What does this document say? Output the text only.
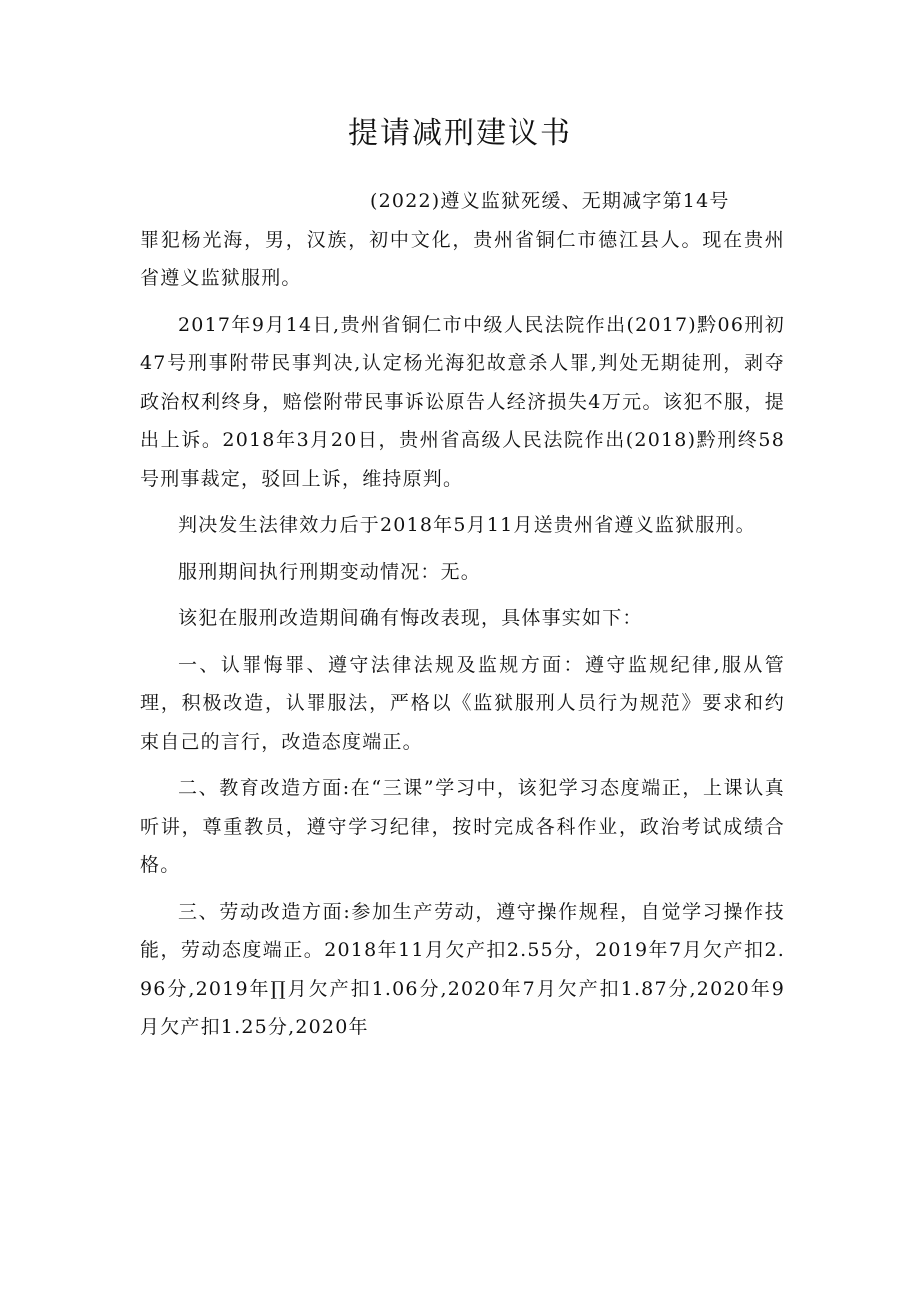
提请减刑建议书

(2022)遵义监狱死缓、无期减字第14号
罪犯杨光海，男，汉族，初中文化，贵州省铜仁市德江县人。现在贵州省遵义监狱服刑。

2017年9月14日,贵州省铜仁市中级人民法院作出(2017)黔06刑初47号刑事附带民事判决,认定杨光海犯故意杀人罪,判处无期徒刑，剥夺政治权利终身，赔偿附带民事诉讼原告人经济损失4万元。该犯不服，提出上诉。2018年3月20日，贵州省高级人民法院作出(2018)黔刑终58号刑事裁定，驳回上诉，维持原判。

判决发生法律效力后于2018年5月11月送贵州省遵义监狱服刑。

服刑期间执行刑期变动情况：无。

该犯在服刑改造期间确有悔改表现，具体事实如下：

一、认罪悔罪、遵守法律法规及监规方面：遵守监规纪律,服从管理，积极改造，认罪服法，严格以《监狱服刑人员行为规范》要求和约束自己的言行，改造态度端正。

二、教育改造方面:在“三课”学习中，该犯学习态度端正，上课认真听讲，尊重教员，遵守学习纪律，按时完成各科作业，政治考试成绩合格。

三、劳动改造方面:参加生产劳动，遵守操作规程，自觉学习操作技能，劳动态度端正。2018年11月欠产扣2.55分，2019年7月欠产扣2.96分,2019年∏月欠产扣1.06分,2020年7月欠产扣1.87分,2020年9月欠产扣1.25分,2020年
